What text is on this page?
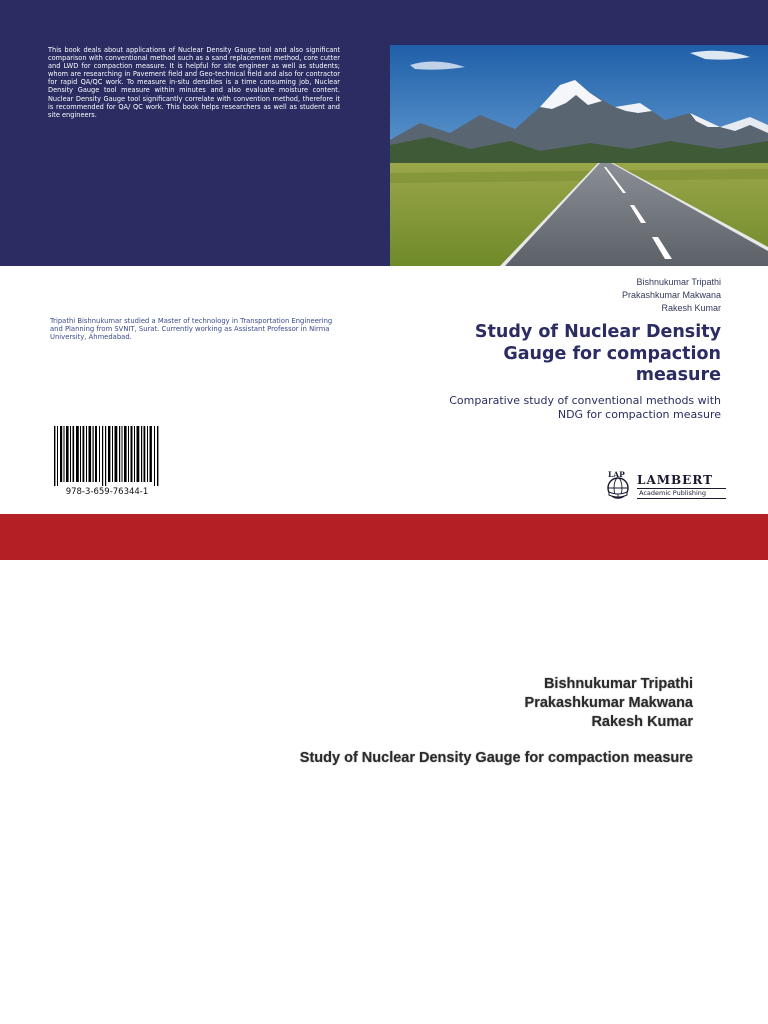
This book deals about applications of Nuclear Density Gauge tool and also significant comparison with conventional method such as a sand replacement method, core cutter and LWD for compaction measure. It is helpful for site engineer as well as students; whom are researching in Pavement field and Geo-technical field and also for contractor for rapid QA/QC work. To measure in-situ densities is a time consuming job, Nuclear Density Gauge tool measure within minutes and also evaluate moisture content. Nuclear Density Gauge tool significantly correlate with convention method, therefore it is recommended for QA/ QC work. This book helps researchers as well as student and site engineers.
Bishnukumar Tripathi
Prakashkumar Makwana
Rakesh Kumar
Tripathi Bishnukumar studied a Master of technology in Transportation Engineering and Planning from SVNIT, Surat. Currently working as Assistant Professor in Nirma University, Ahmedabad.	Study of Nuclear Density Gauge for compaction measure
Comparative study of conventional methods with NDG for compaction measure
978-3-659-76344-1
LAP LAMBERT
Academic Publishing
Bishnukumar Tripathi
Prakashkumar Makwana
Rakesh Kumar
Study of Nuclear Density Gauge for compaction measure
